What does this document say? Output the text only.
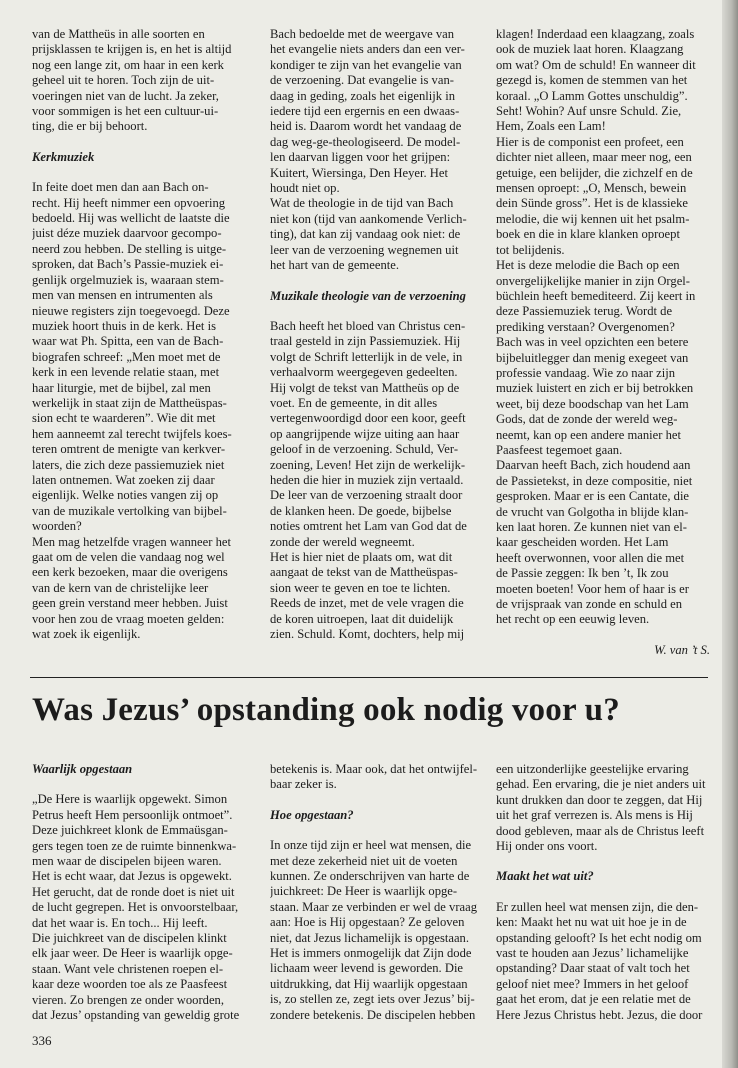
van de Mattheüs in alle soorten en

prijsklassen te krijgen is, en het is altijd

nog een lange zit, om haar in een kerk

geheel uit te horen. Toch zijn de uit-

voeringen niet van de lucht. Ja zeker,

voor sommigen is het een cultuur-ui-

ting, die er bij behoort.

Kerkmuziek

In feite doet men dan aan Bach on-

recht. Hij heeft nimmer een opvoering

bedoeld. Hij was wellicht de laatste die

juist déze muziek daarvoor gecompo-

neerd zou hebben. De stelling is uitge-

sproken, dat Bach’s Passie-muziek ei-

genlijk orgelmuziek is, waaraan stem-

men van mensen en intrumenten als

nieuwe registers zijn toegevoegd. Deze

muziek hoort thuis in de kerk. Het is

waar wat Ph. Spitta, een van de Bach-

biografen schreef: „Men moet met de

kerk in een levende relatie staan, met

haar liturgie, met de bijbel, zal men

werkelijk in staat zijn de Mattheüspas-

sion echt te waarderen”. Wie dit met

hem aanneemt zal terecht twijfels koes-

teren omtrent de menigte van kerkver-

laters, die zich deze passiemuziek niet

laten ontnemen. Wat zoeken zij daar

eigenlijk. Welke noties vangen zij op

van de muzikale vertolking van bijbel-

woorden?

Men mag hetzelfde vragen wanneer het

gaat om de velen die vandaag nog wel

een kerk bezoeken, maar die overigens

van de kern van de christelijke leer

geen grein verstand meer hebben. Juist

voor hen zou de vraag moeten gelden:

wat zoek ik eigenlijk.

Bach bedoelde met de weergave van

het evangelie niets anders dan een ver-

kondiger te zijn van het evangelie van

de verzoening. Dat evangelie is van-

daag in geding, zoals het eigenlijk in

iedere tijd een ergernis en een dwaas-

heid is. Daarom wordt het vandaag de

dag weg-ge-theologiseerd. De model-

len daarvan liggen voor het grijpen:

Kuitert, Wiersinga, Den Heyer. Het

houdt niet op.

Wat de theologie in de tijd van Bach

niet kon (tijd van aankomende Verlich-

ting), dat kan zij vandaag ook niet: de

leer van de verzoening wegnemen uit

het hart van de gemeente.

Muzikale theologie van de verzoening

Bach heeft het bloed van Christus cen-

traal gesteld in zijn Passiemuziek. Hij

volgt de Schrift letterlijk in de vele, in

verhaalvorm weergegeven gedeelten.

Hij volgt de tekst van Mattheüs op de

voet. En de gemeente, in dit alles

vertegenwoordigd door een koor, geeft

op aangrijpende wijze uiting aan haar

geloof in de verzoening. Schuld, Ver-

zoening, Leven! Het zijn de werkelijk-

heden die hier in muziek zijn vertaald.

De leer van de verzoening straalt door

de klanken heen. De goede, bijbelse

noties omtrent het Lam van God dat de

zonde der wereld wegneemt.

Het is hier niet de plaats om, wat dit

aangaat de tekst van de Mattheüspas-

sion weer te geven en toe te lichten.

Reeds de inzet, met de vele vragen die

de koren uitroepen, laat dit duidelijk

zien. Schuld. Komt, dochters, help mij

klagen! Inderdaad een klaagzang, zoals

ook de muziek laat horen. Klaagzang

om wat? Om de schuld! En wanneer dit

gezegd is, komen de stemmen van het

koraal. „O Lamm Gottes unschuldig”.

Seht! Wohin? Auf unsre Schuld. Zie,

Hem, Zoals een Lam!

Hier is de componist een profeet, een

dichter niet alleen, maar meer nog, een

getuige, een belijder, die zichzelf en de

mensen oproept: „O, Mensch, bewein

dein Sünde gross”. Het is de klassieke

melodie, die wij kennen uit het psalm-

boek en die in klare klanken oproept

tot belijdenis.

Het is deze melodie die Bach op een

onvergelijkelijke manier in zijn Orgel-

büchlein heeft bemediteerd. Zij keert in

deze Passiemuziek terug. Wordt de

prediking verstaan? Overgenomen?

Bach was in veel opzichten een betere

bijbeluitlegger dan menig exegeet van

professie vandaag. Wie zo naar zijn

muziek luistert en zich er bij betrokken

weet, bij deze boodschap van het Lam

Gods, dat de zonde der wereld weg-

neemt, kan op een andere manier het

Paasfeest tegemoet gaan.

Daarvan heeft Bach, zich houdend aan

de Passietekst, in deze compositie, niet

gesproken. Maar er is een Cantate, die

de vrucht van Golgotha in blijde klan-

ken laat horen. Ze kunnen niet van el-

kaar gescheiden worden. Het Lam

heeft overwonnen, voor allen die met

de Passie zeggen: Ik ben ’t, Ik zou

moeten boeten! Voor hem of haar is er

de vrijspraak van zonde en schuld en

het recht op een eeuwig leven.

W. van ’t S.

Was Jezus’ opstanding ook nodig voor u?
Waarlijk opgestaan

„De Here is waarlijk opgewekt. Simon

Petrus heeft Hem persoonlijk ontmoet”.

Deze juichkreet klonk de Emmaüsgan-

gers tegen toen ze de ruimte binnenkwa-

men waar de discipelen bijeen waren.

Het is echt waar, dat Jezus is opgewekt.

Het gerucht, dat de ronde doet is niet uit

de lucht gegrepen. Het is onvoorstelbaar,

dat het waar is. En toch... Hij leeft.

Die juichkreet van de discipelen klinkt

elk jaar weer. De Heer is waarlijk opge-

staan. Want vele christenen roepen el-

kaar deze woorden toe als ze Paasfeest

vieren. Zo brengen ze onder woorden,

dat Jezus’ opstanding van geweldig grote

betekenis is. Maar ook, dat het ontwijfel-

baar zeker is.

Hoe opgestaan?

In onze tijd zijn er heel wat mensen, die

met deze zekerheid niet uit de voeten

kunnen. Ze onderschrijven van harte de

juichkreet: De Heer is waarlijk opge-

staan. Maar ze verbinden er wel de vraag

aan: Hoe is Hij opgestaan? Ze geloven

niet, dat Jezus lichamelijk is opgestaan.

Het is immers onmogelijk dat Zijn dode

lichaam weer levend is geworden. Die

uitdrukking, dat Hij waarlijk opgestaan

is, zo stellen ze, zegt iets over Jezus’ bij-

zondere betekenis. De discipelen hebben

een uitzonderlijke geestelijke ervaring

gehad. Een ervaring, die je niet anders uit

kunt drukken dan door te zeggen, dat Hij

uit het graf verrezen is. Als mens is Hij

dood gebleven, maar als de Christus leeft

Hij onder ons voort.

Maakt het wat uit?

Er zullen heel wat mensen zijn, die den-

ken: Maakt het nu wat uit hoe je in de

opstanding gelooft? Is het echt nodig om

vast te houden aan Jezus’ lichamelijke

opstanding? Daar staat of valt toch het

geloof niet mee? Immers in het geloof

gaat het erom, dat je een relatie met de

Here Jezus Christus hebt. Jezus, die door

336
